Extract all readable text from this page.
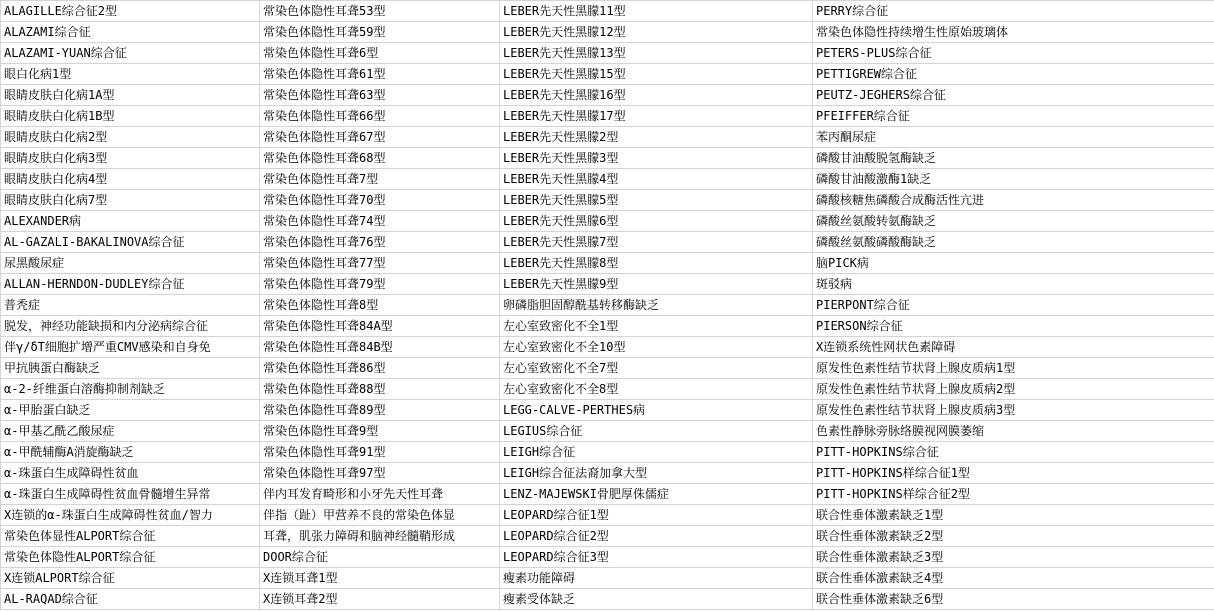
ALAGILLE综合征2型	常染色体隐性耳聋53型	LEBER先天性黑朦11型	PERRY综合征
ALAZAMI综合征	常染色体隐性耳聋59型	LEBER先天性黑朦12型	常染色体隐性持续增生性原始玻璃体
ALAZAMI-YUAN综合征	常染色体隐性耳聋6型	LEBER先天性黑朦13型	PETERS-PLUS综合征
眼白化病1型	常染色体隐性耳聋61型	LEBER先天性黑朦15型	PETTIGREW综合征
眼睛皮肤白化病1A型	常染色体隐性耳聋63型	LEBER先天性黑朦16型	PEUTZ-JEGHERS综合征
眼睛皮肤白化病1B型	常染色体隐性耳聋66型	LEBER先天性黑朦17型	PFEIFFER综合征
眼睛皮肤白化病2型	常染色体隐性耳聋67型	LEBER先天性黑朦2型	苯丙酮尿症
眼睛皮肤白化病3型	常染色体隐性耳聋68型	LEBER先天性黑朦3型	磷酸甘油酸脱氢酶缺乏
眼睛皮肤白化病4型	常染色体隐性耳聋7型	LEBER先天性黑朦4型	磷酸甘油酸激酶1缺乏
眼睛皮肤白化病7型	常染色体隐性耳聋70型	LEBER先天性黑朦5型	磷酸核糖焦磷酸合成酶活性亢进
ALEXANDER病	常染色体隐性耳聋74型	LEBER先天性黑朦6型	磷酸丝氨酸转氨酶缺乏
AL-GAZALI-BAKALINOVA综合征	常染色体隐性耳聋76型	LEBER先天性黑朦7型	磷酸丝氨酸磷酸酶缺乏
尿黑酸尿症	常染色体隐性耳聋77型	LEBER先天性黑朦8型	脑PICK病
ALLAN-HERNDON-DUDLEY综合征	常染色体隐性耳聋79型	LEBER先天性黑朦9型	斑驳病
普秃症	常染色体隐性耳聋8型	卵磷脂胆固醇酰基转移酶缺乏	PIERPONT综合征
脱发，神经功能缺损和内分泌病综合征	常染色体隐性耳聋84A型	左心室致密化不全1型	PIERSON综合征
伴γ/δT细胞扩增严重CMV感染和自身免	常染色体隐性耳聋84B型	左心室致密化不全10型	X连锁系统性网状色素障碍
甲抗胰蛋白酶缺乏	常染色体隐性耳聋86型	左心室致密化不全7型	原发性色素性结节状肾上腺皮质病1型
α-2-纤维蛋白溶酶抑制剂缺乏	常染色体隐性耳聋88型	左心室致密化不全8型	原发性色素性结节状肾上腺皮质病2型
α-甲胎蛋白缺乏	常染色体隐性耳聋89型	LEGG-CALVE-PERTHES病	原发性色素性结节状肾上腺皮质病3型
α-甲基乙酰乙酸尿症	常染色体隐性耳聋9型	LEGIUS综合征	色素性静脉旁脉络膜视网膜萎缩
α-甲酰辅酶A消旋酶缺乏	常染色体隐性耳聋91型	LEIGH综合征	PITT-HOPKINS综合征
α-珠蛋白生成障碍性贫血	常染色体隐性耳聋97型	LEIGH综合征法裔加拿大型	PITT-HOPKINS样综合征1型
α-珠蛋白生成障碍性贫血骨髓增生异常	伴内耳发育畸形和小牙先天性耳聋	LENZ-MAJEWSKI骨肥厚侏儒症	PITT-HOPKINS样综合征2型
X连锁的α-珠蛋白生成障碍性贫血/智力	伴指（趾）甲营养不良的常染色体显	LEOPARD综合征1型	联合性垂体激素缺乏1型
常染色体显性ALPORT综合征	耳聋，肌张力障碍和脑神经髓鞘形成	LEOPARD综合征2型	联合性垂体激素缺乏2型
常染色体隐性ALPORT综合征	DOOR综合征	LEOPARD综合征3型	联合性垂体激素缺乏3型
X连锁ALPORT综合征	X连锁耳聋1型	瘦素功能障碍	联合性垂体激素缺乏4型
AL-RAQAD综合征	X连锁耳聋2型	瘦素受体缺乏	联合性垂体激素缺乏6型
